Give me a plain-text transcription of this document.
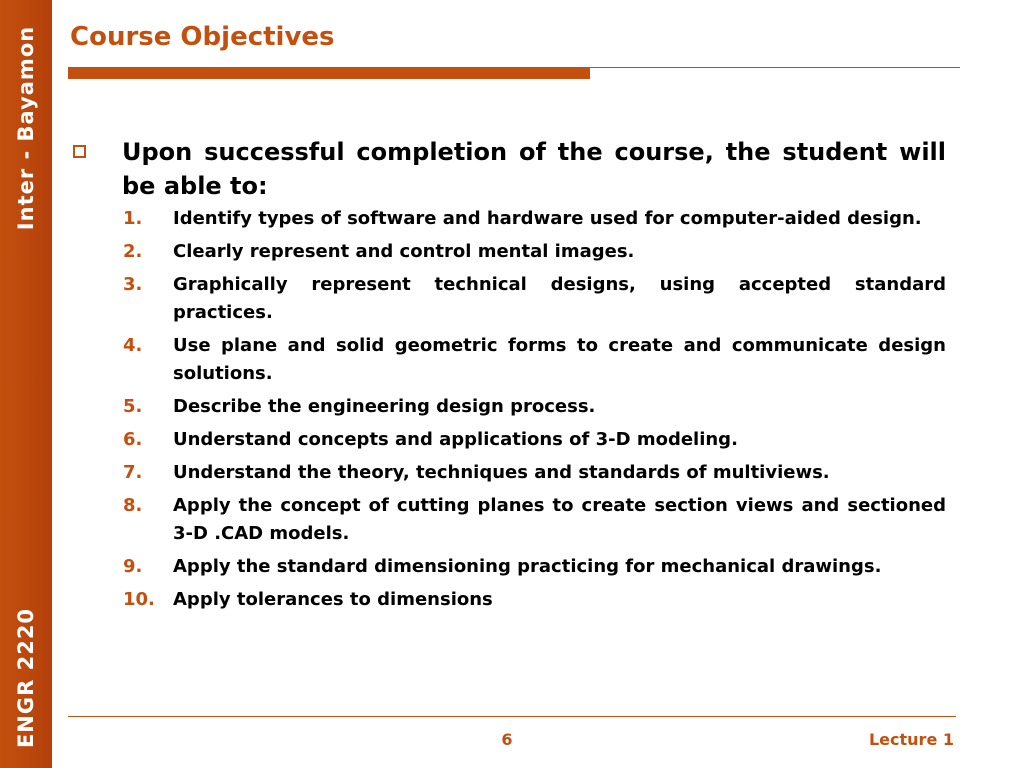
Inter - Bayamon
ENGR 2220
Course Objectives
Upon successful completion of the course, the student will be able to:
1.	Identify types of software and hardware used for computer-aided design.
2.	Clearly represent and control mental images.
3.	Graphically represent technical designs, using accepted standard practices.
4.	Use plane and solid geometric forms to create and communicate design solutions.
5.	Describe the engineering design process.
6.	Understand concepts and applications of 3-D modeling.
7.	Understand the theory, techniques and standards of multiviews.
8.	Apply the concept of cutting planes to create section views and sectioned 3-D .CAD models.
9.	Apply the standard dimensioning practicing for mechanical drawings.
10.	Apply tolerances to dimensions
6	Lecture 1
